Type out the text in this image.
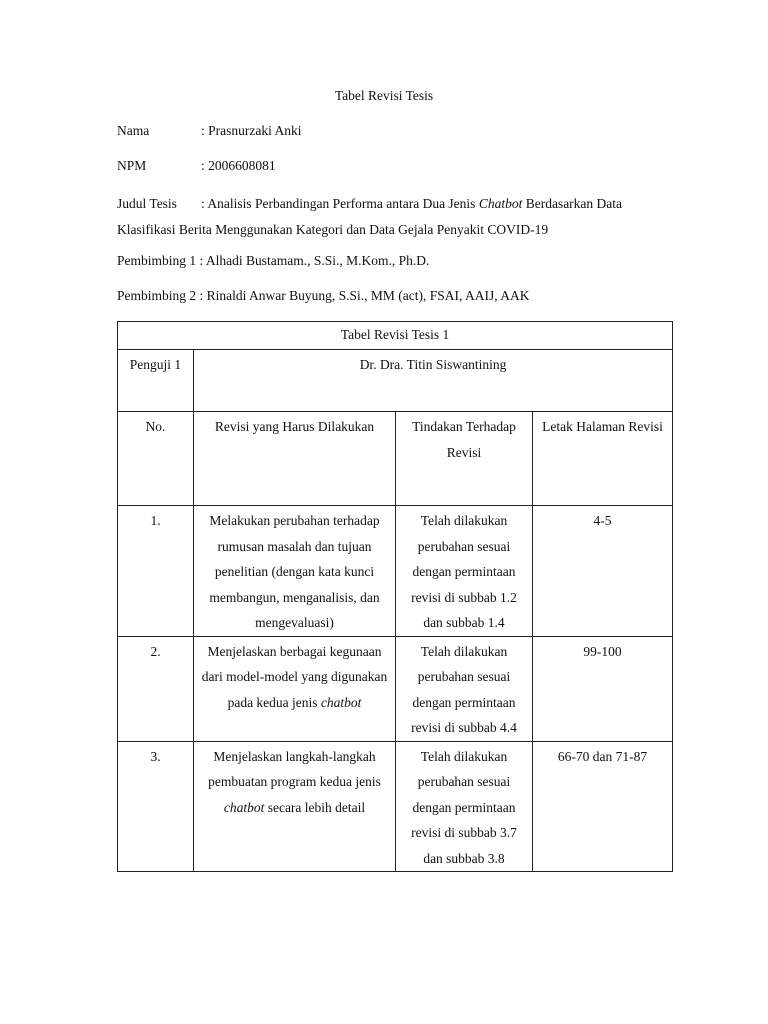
Tabel Revisi Tesis
Nama	: Prasnurzaki Anki
NPM	: 2006608081
Judul Tesis : Analisis Perbandingan Performa antara Dua Jenis Chatbot Berdasarkan Data Klasifikasi Berita Menggunakan Kategori dan Data Gejala Penyakit COVID-19
Pembimbing 1 : Alhadi Bustamam., S.Si., M.Kom., Ph.D.
Pembimbing 2 : Rinaldi Anwar Buyung, S.Si., MM (act), FSAI, AAIJ, AAK
Tabel Revisi Tesis 1			
Penguji 1	Dr. Dra. Titin Siswantining		
No.	Revisi yang Harus Dilakukan	Tindakan Terhadap Revisi	Letak Halaman Revisi
1.	Melakukan perubahan terhadap rumusan masalah dan tujuan penelitian (dengan kata kunci membangun, menganalisis, dan mengevaluasi)	Telah dilakukan perubahan sesuai dengan permintaan revisi di subbab 1.2 dan subbab 1.4	4-5
2.	Menjelaskan berbagai kegunaan dari model-model yang digunakan pada kedua jenis chatbot	Telah dilakukan perubahan sesuai dengan permintaan revisi di subbab 4.4	99-100
3.	Menjelaskan langkah-langkah pembuatan program kedua jenis chatbot secara lebih detail	Telah dilakukan perubahan sesuai dengan permintaan revisi di subbab 3.7 dan subbab 3.8	66-70 dan 71-87
